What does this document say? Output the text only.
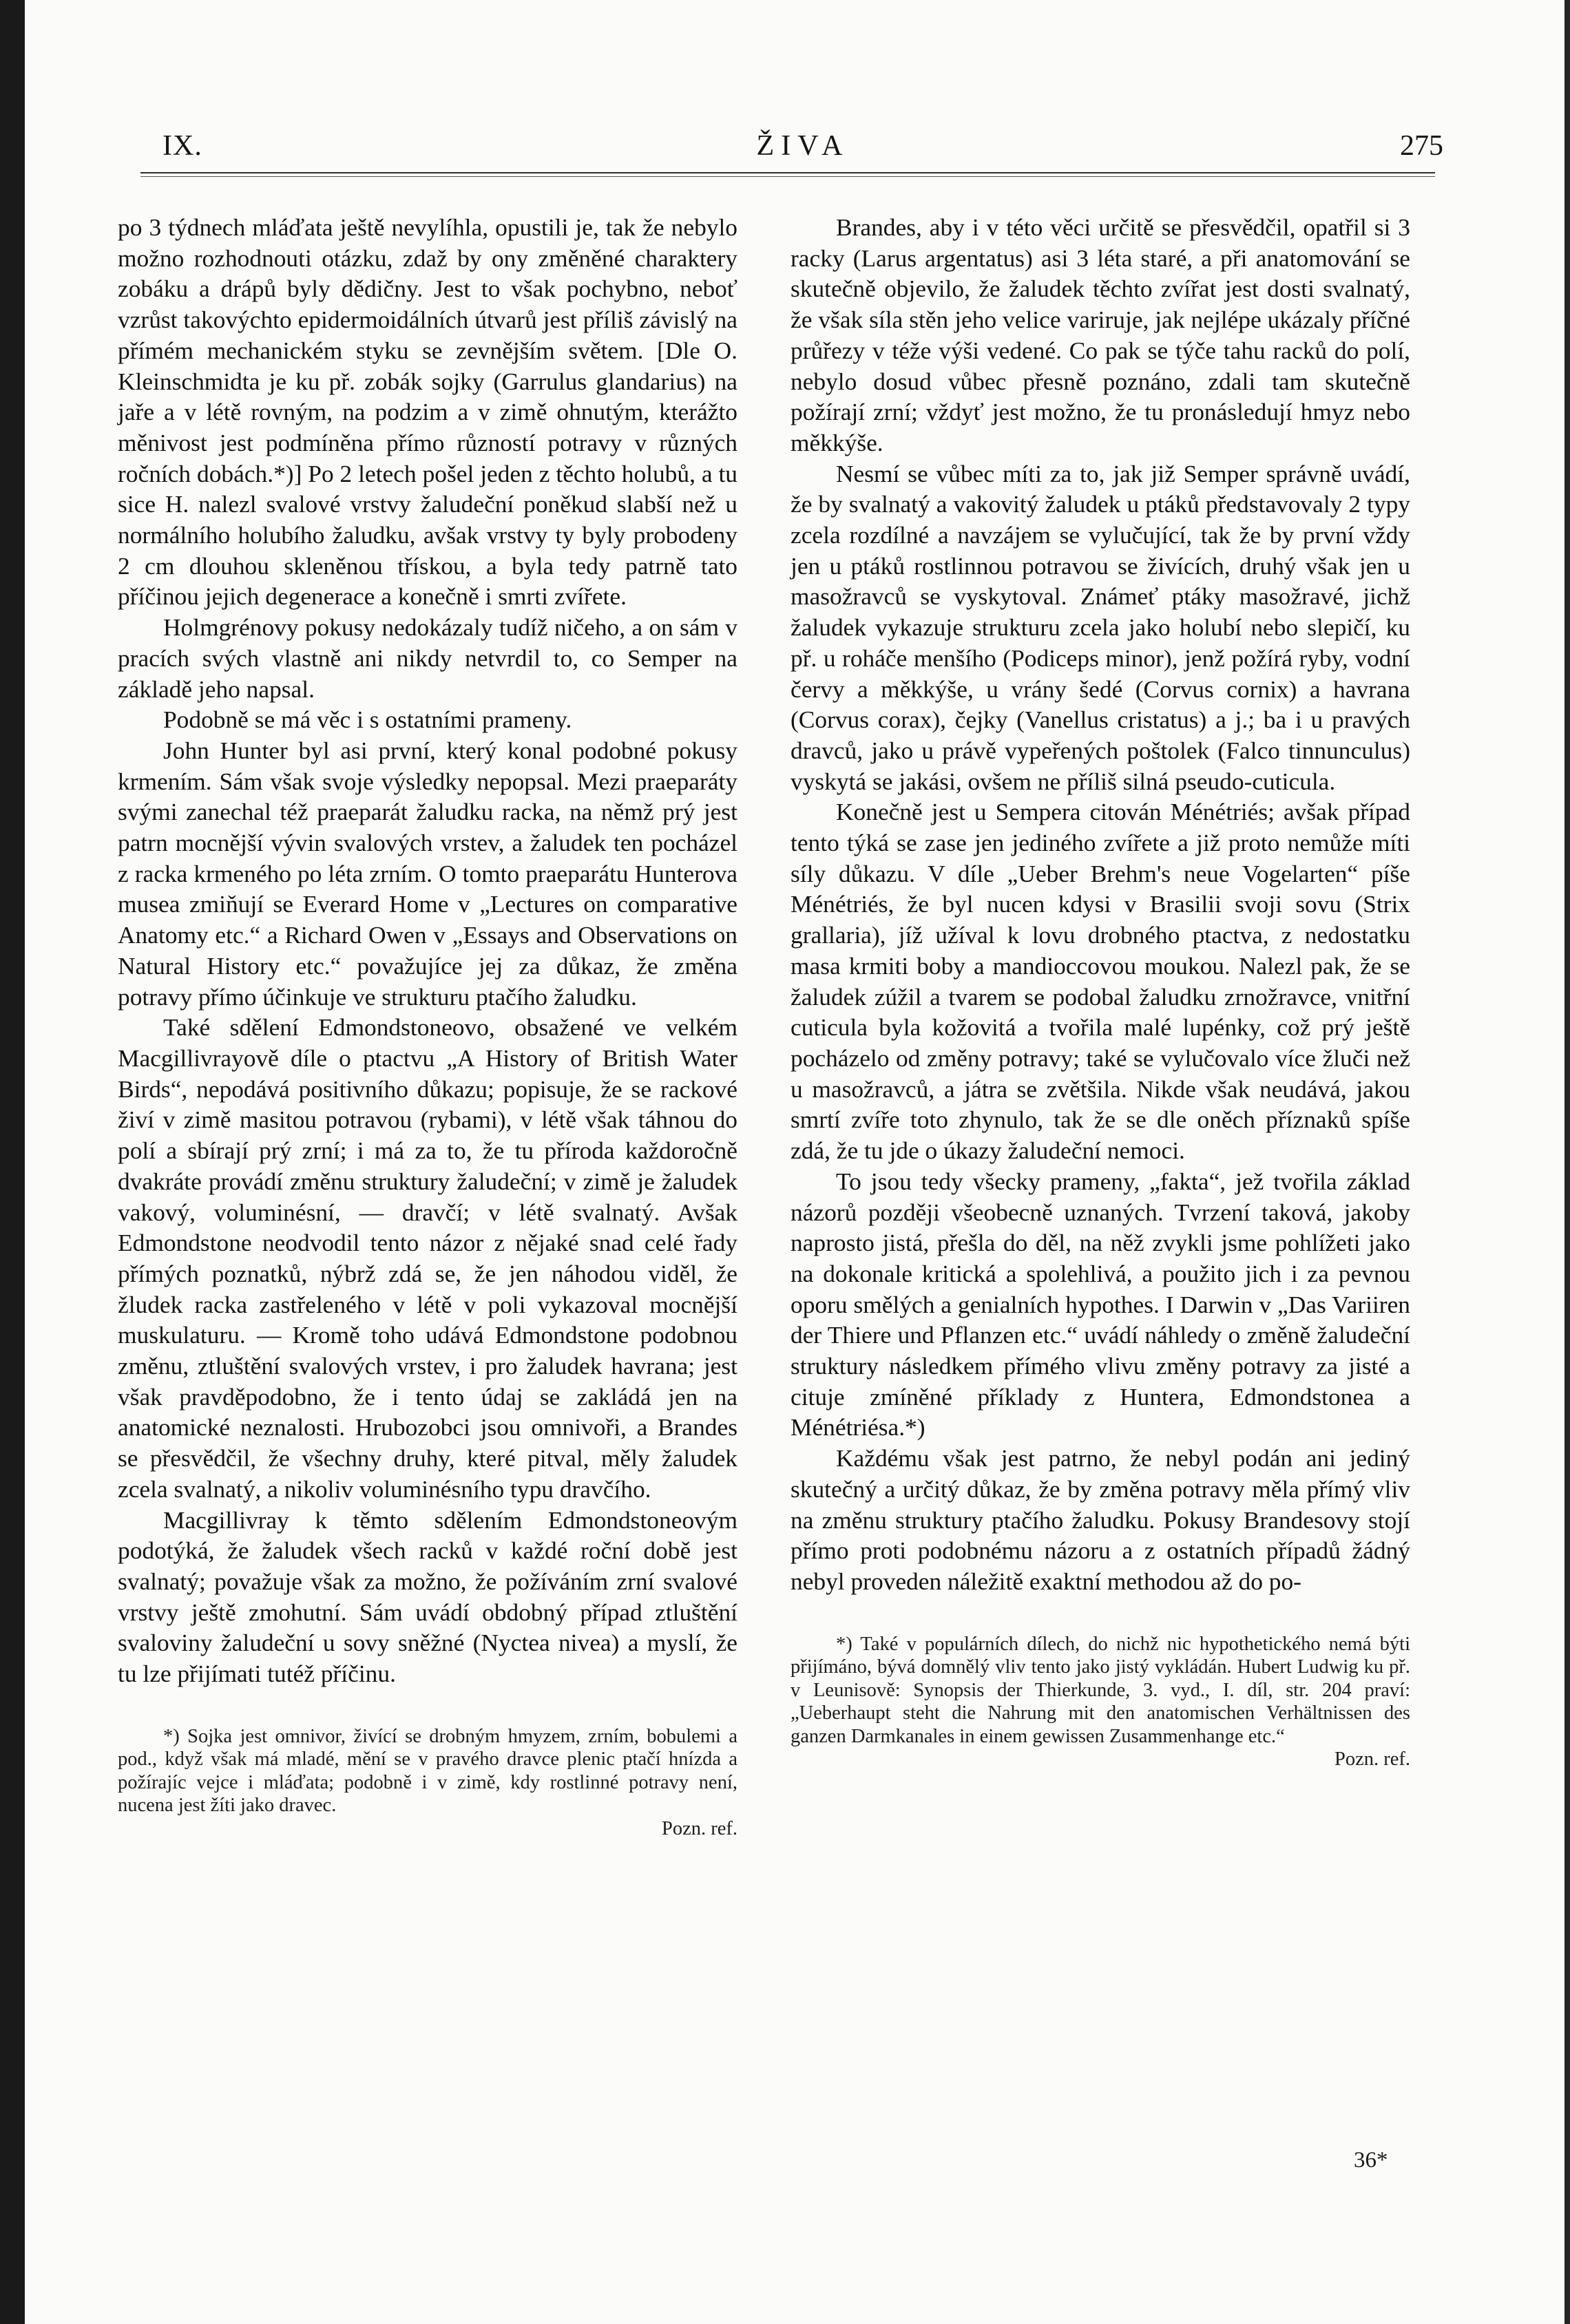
IX.	ŽIVA	275

po 3 týdnech mláďata ještě nevylíhla, opustili je, tak že nebylo možno rozhodnouti otázku, zdaž by ony změněné charaktery zobáku a drápů byly dědičny. Jest to však pochybno, neboť vzrůst takovýchto epidermoidálních útvarů jest příliš závislý na přímém mechanickém styku se zevnějším světem. [Dle O. Kleinschmidta je ku př. zobák sojky (Garrulus glandarius) na jaře a v létě rovným, na podzim a v zimě ohnutým, kterážto měnivost jest podmíněna přímo růzností potravy v různých ročních dobách.*)] Po 2 letech pošel jeden z těchto holubů, a tu sice H. nalezl svalové vrstvy žaludeční poněkud slabší než u normálního holubího žaludku, avšak vrstvy ty byly probodeny 2 cm dlouhou skleněnou třískou, a byla tedy patrně tato příčinou jejich degenerace a konečně i smrti zvířete.

Holmgrénovy pokusy nedokázaly tudíž ničeho, a on sám v pracích svých vlastně ani nikdy netvrdil to, co Semper na základě jeho napsal.

Podobně se má věc i s ostatními prameny.

John Hunter byl asi první, který konal podobné pokusy krmením. Sám však svoje výsledky nepopsal. Mezi praeparáty svými zanechal též praeparát žaludku racka, na němž prý jest patrn mocnější vývin svalových vrstev, a žaludek ten pocházel z racka krmeného po léta zrním. O tomto praeparátu Hunterova musea zmiňují se Everard Home v „Lectures on comparative Anatomy etc.“ a Richard Owen v „Essays and Observations on Natural History etc.“ považujíce jej za důkaz, že změna potravy přímo účinkuje ve strukturu ptačího žaludku.

Také sdělení Edmondstoneovo, obsažené ve velkém Macgillivrayově díle o ptactvu „A History of British Water Birds“, nepodává positivního důkazu; popisuje, že se rackové živí v zimě masitou potravou (rybami), v létě však táhnou do polí a sbírají prý zrní; i má za to, že tu příroda každoročně dvakráte provádí změnu struktury žaludeční; v zimě je žaludek vakový, voluminésní, — dravčí; v létě svalnatý. Avšak Edmondstone neodvodil tento názor z nějaké snad celé řady přímých poznatků, nýbrž zdá se, že jen náhodou viděl, že žludek racka zastřeleného v létě v poli vykazoval mocnější muskulaturu. — Kromě toho udává Edmondstone podobnou změnu, ztluštění svalových vrstev, i pro žaludek havrana; jest však pravděpodobno, že i tento údaj se zakládá jen na anatomické neznalosti. Hrubozobci jsou omnivoři, a Brandes se přesvědčil, že všechny druhy, které pitval, měly žaludek zcela svalnatý, a nikoliv voluminésního typu dravčího.

Macgillivray k těmto sdělením Edmondstoneovým podotýká, že žaludek všech racků v každé roční době jest svalnatý; považuje však za možno, že požíváním zrní svalové vrstvy ještě zmohutní. Sám uvádí obdobný případ ztluštění svaloviny žaludeční u sovy sněžné (Nyctea nivea) a myslí, že tu lze přijímati tutéž příčinu.

*) Sojka jest omnivor, živící se drobným hmyzem, zrním, bobulemi a pod., když však má mladé, mění se v pravého dravce plenic ptačí hnízda a požírajíc vejce i mláďata; podobně i v zimě, kdy rostlinné potravy není, nucena jest žíti jako dravec.

Pozn. ref.

Brandes, aby i v této věci určitě se přesvědčil, opatřil si 3 racky (Larus argentatus) asi 3 léta staré, a při anatomování se skutečně objevilo, že žaludek těchto zvířat jest dosti svalnatý, že však síla stěn jeho velice variruje, jak nejlépe ukázaly příčné průřezy v téže výši vedené. Co pak se týče tahu racků do polí, nebylo dosud vůbec přesně poznáno, zdali tam skutečně požírají zrní; vždyť jest možno, že tu pronásledují hmyz nebo měkkýše.

Nesmí se vůbec míti za to, jak již Semper správně uvádí, že by svalnatý a vakovitý žaludek u ptáků představovaly 2 typy zcela rozdílné a navzájem se vylučující, tak že by první vždy jen u ptáků rostlinnou potravou se živících, druhý však jen u masožravců se vyskytoval. Známeť ptáky masožravé, jichž žaludek vykazuje strukturu zcela jako holubí nebo slepičí, ku př. u roháče menšího (Podiceps minor), jenž požírá ryby, vodní červy a měkkýše, u vrány šedé (Corvus cornix) a havrana (Corvus corax), čejky (Vanellus cristatus) a j.; ba i u pravých dravců, jako u právě vypeřených poštolek (Falco tinnunculus) vyskytá se jakási, ovšem ne příliš silná pseudo-cuticula.

Konečně jest u Sempera citován Ménétriés; avšak případ tento týká se zase jen jediného zvířete a již proto nemůže míti síly důkazu. V díle „Ueber Brehm's neue Vogelarten“ píše Ménétriés, že byl nucen kdysi v Brasilii svoji sovu (Strix grallaria), jíž užíval k lovu drobného ptactva, z nedostatku masa krmiti boby a mandioccovou moukou. Nalezl pak, že se žaludek zúžil a tvarem se podobal žaludku zrnožravce, vnitřní cuticula byla kožovitá a tvořila malé lupénky, což prý ještě pocházelo od změny potravy; také se vylučovalo více žluči než u masožravců, a játra se zvětšila. Nikde však neudává, jakou smrtí zvíře toto zhynulo, tak že se dle oněch příznaků spíše zdá, že tu jde o úkazy žaludeční nemoci.

To jsou tedy všecky prameny, „fakta“, jež tvořila základ názorů později všeobecně uznaných. Tvrzení taková, jakoby naprosto jistá, přešla do děl, na něž zvykli jsme pohlížeti jako na dokonale kritická a spolehlivá, a použito jich i za pevnou oporu smělých a genialních hypothes. I Darwin v „Das Variiren der Thiere und Pflanzen etc.“ uvádí náhledy o změně žaludeční struktury následkem přímého vlivu změny potravy za jisté a cituje zmíněné příklady z Huntera, Edmondstonea a Ménétriésa.*)

Každému však jest patrno, že nebyl podán ani jediný skutečný a určitý důkaz, že by změna potravy měla přímý vliv na změnu struktury ptačího žaludku. Pokusy Brandesovy stojí přímo proti podobnému názoru a z ostatních případů žádný nebyl proveden náležitě exaktní methodou až do po-

*) Také v populárních dílech, do nichž nic hypothetického nemá býti přijímáno, bývá domnělý vliv tento jako jistý vykládán. Hubert Ludwig ku př. v Leunisově: Synopsis der Thierkunde, 3. vyd., I. díl, str. 204 praví: „Ueberhaupt steht die Nahrung mit den anatomischen Verhältnissen des ganzen Darmkanales in einem gewissen Zusammenhange etc.“

Pozn. ref.

36*
